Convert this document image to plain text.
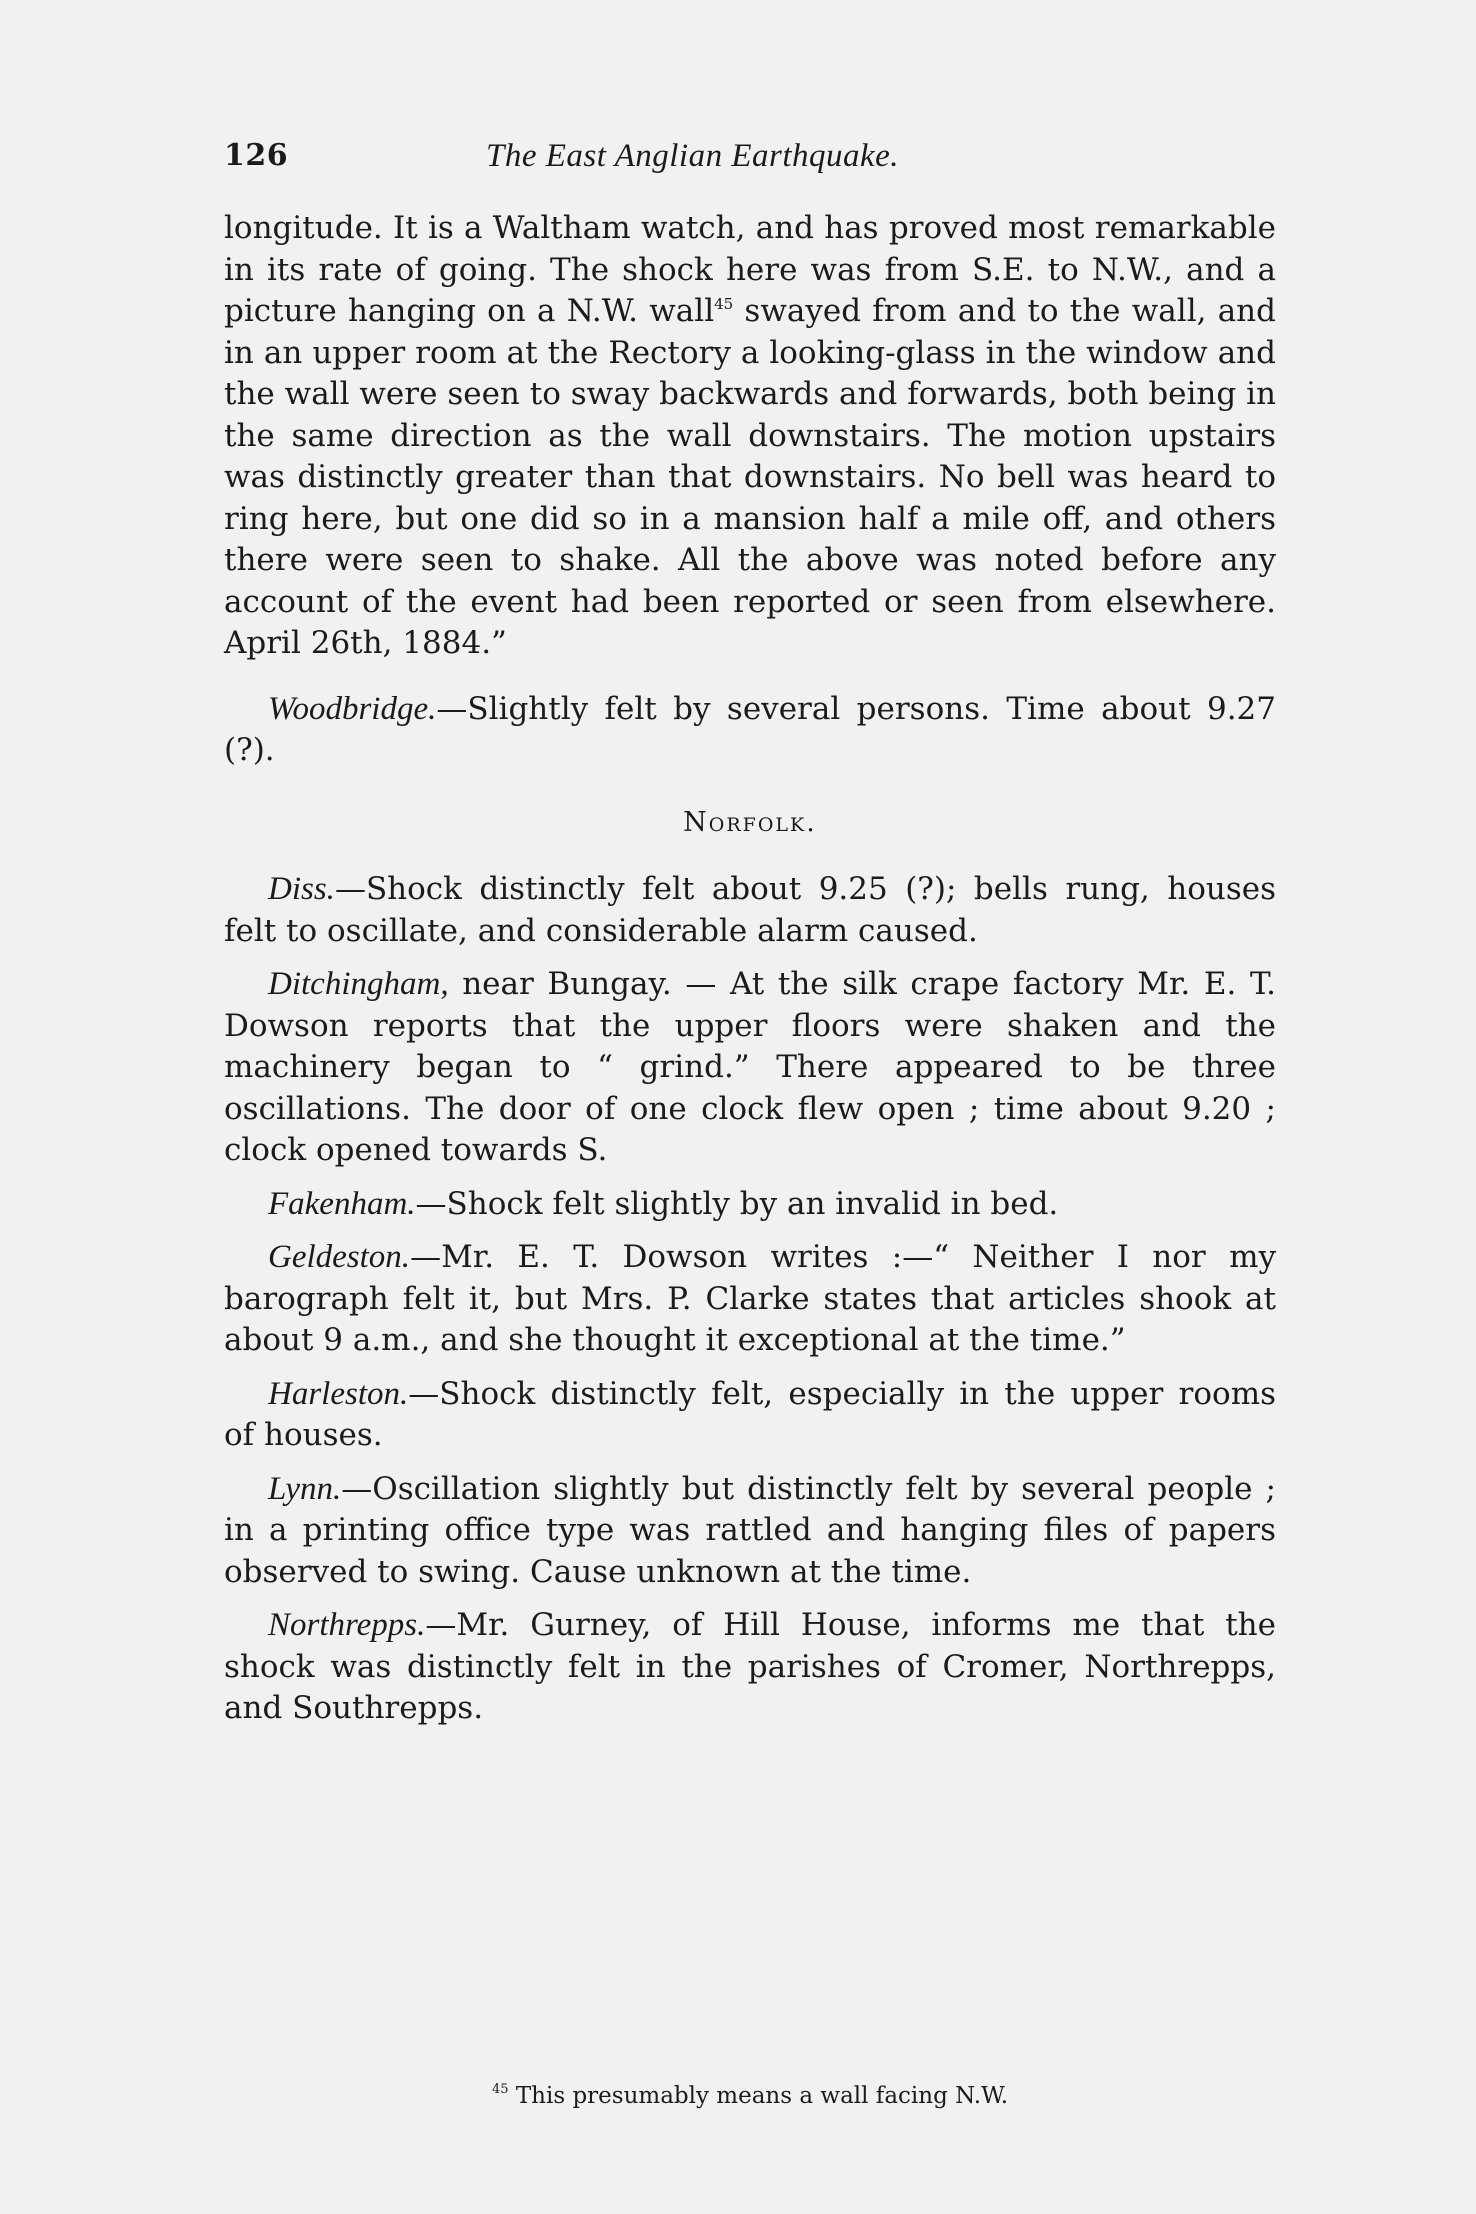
126	The East Anglian Earthquake.

longitude. It is a Waltham watch, and has proved most remarkable in its rate of going. The shock here was from S.E. to N.W., and a picture hanging on a N.W. wall$^{45}$ swayed from and to the wall, and in an upper room at the Rectory a looking-glass in the window and the wall were seen to sway backwards and forwards, both being in the same direction as the wall downstairs. The motion upstairs was distinctly greater than that downstairs. No bell was heard to ring here, but one did so in a mansion half a mile off, and others there were seen to shake. All the above was noted before any account of the event had been reported or seen from elsewhere. April 26th, 1884.”

Woodbridge.—Slightly felt by several persons. Time about 9.27 (?).

Norfolk.

Diss.—Shock distinctly felt about 9.25 (?); bells rung, houses felt to oscillate, and considerable alarm caused.

Ditchingham, near Bungay. — At the silk crape factory Mr. E. T. Dowson reports that the upper floors were shaken and the machinery began to “ grind.” There appeared to be three oscillations. The door of one clock flew open ; time about 9.20 ; clock opened towards S.

Fakenham.—Shock felt slightly by an invalid in bed.

Geldeston.—Mr. E. T. Dowson writes :—“ Neither I nor my barograph felt it, but Mrs. P. Clarke states that articles shook at about 9 a.m., and she thought it exceptional at the time.”

Harleston.—Shock distinctly felt, especially in the upper rooms of houses.

Lynn.—Oscillation slightly but distinctly felt by several people ; in a printing office type was rattled and hanging files of papers observed to swing. Cause unknown at the time.

Northrepps.—Mr. Gurney, of Hill House, informs me that the shock was distinctly felt in the parishes of Cromer, Northrepps, and Southrepps.

$^{45}$ This presumably means a wall facing N.W.
